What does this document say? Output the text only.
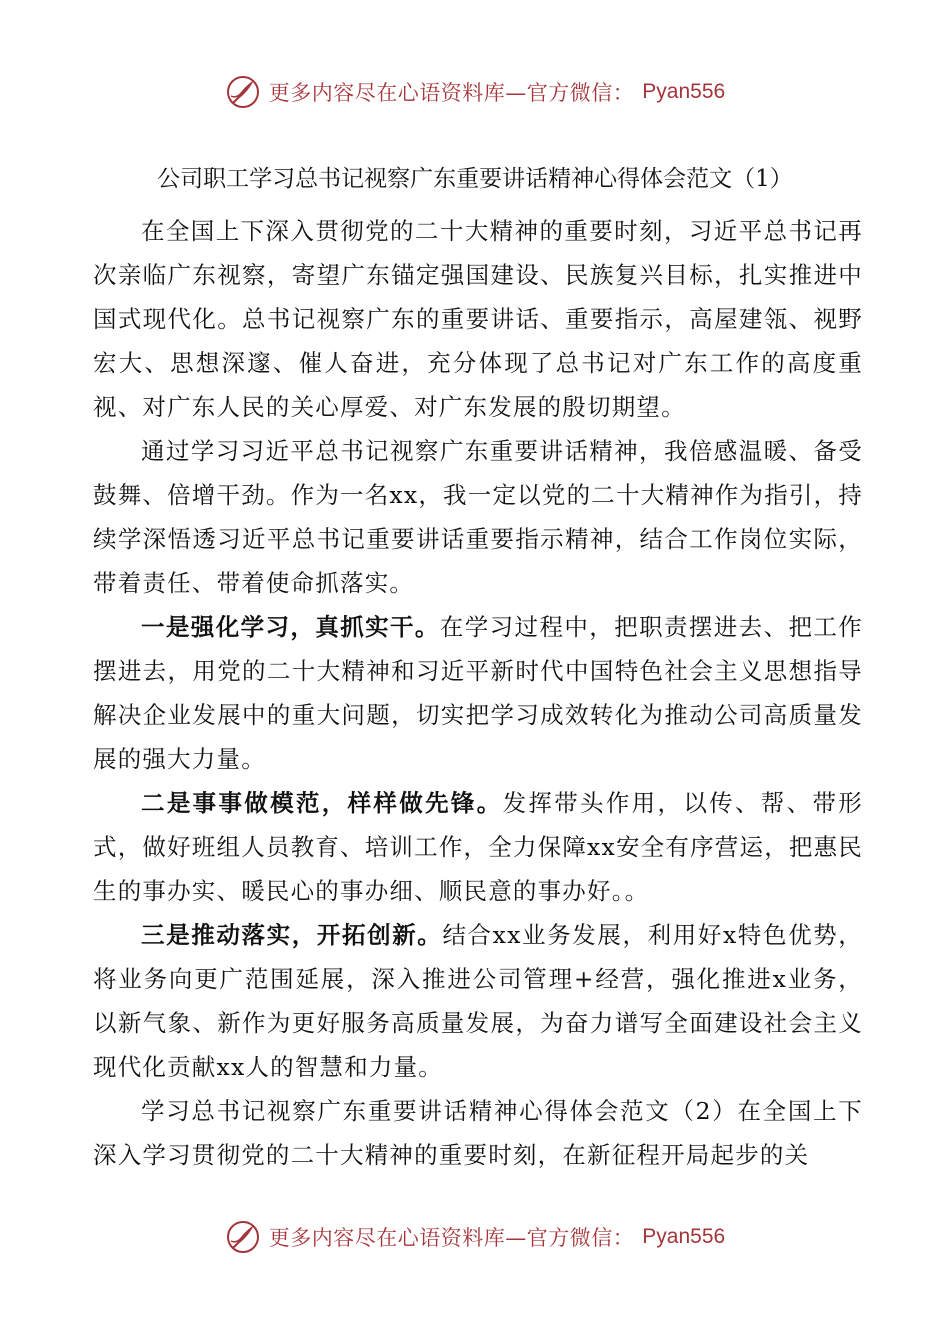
更多内容尽在心语资料库—官方微信： Pyan556
公司职工学习总书记视察广东重要讲话精神心得体会范文（1）

在全国上下深入贯彻党的二十大精神的重要时刻，习近平总书记再次亲临广东视察，寄望广东锚定强国建设、民族复兴目标，扎实推进中国式现代化。总书记视察广东的重要讲话、重要指示，高屋建瓴、视野宏大、思想深邃、催人奋进，充分体现了总书记对广东工作的高度重视、对广东人民的关心厚爱、对广东发展的殷切期望。

通过学习习近平总书记视察广东重要讲话精神，我倍感温暖、备受鼓舞、倍增干劲。作为一名xx，我一定以党的二十大精神作为指引，持续学深悟透习近平总书记重要讲话重要指示精神，结合工作岗位实际，带着责任、带着使命抓落实。

一是强化学习，真抓实干。在学习过程中，把职责摆进去、把工作摆进去，用党的二十大精神和习近平新时代中国特色社会主义思想指导解决企业发展中的重大问题，切实把学习成效转化为推动公司高质量发展的强大力量。

二是事事做模范，样样做先锋。发挥带头作用，以传、帮、带形式，做好班组人员教育、培训工作，全力保障xx安全有序营运，把惠民生的事办实、暖民心的事办细、顺民意的事办好。。

三是推动落实，开拓创新。结合xx业务发展，利用好x特色优势，将业务向更广范围延展，深入推进公司管理+经营，强化推进x业务，以新气象、新作为更好服务高质量发展，为奋力谱写全面建设社会主义现代化贡献xx人的智慧和力量。

学习总书记视察广东重要讲话精神心得体会范文（2）在全国上下深入学习贯彻党的二十大精神的重要时刻，在新征程开局起步的关

更多内容尽在心语资料库—官方微信： Pyan556
